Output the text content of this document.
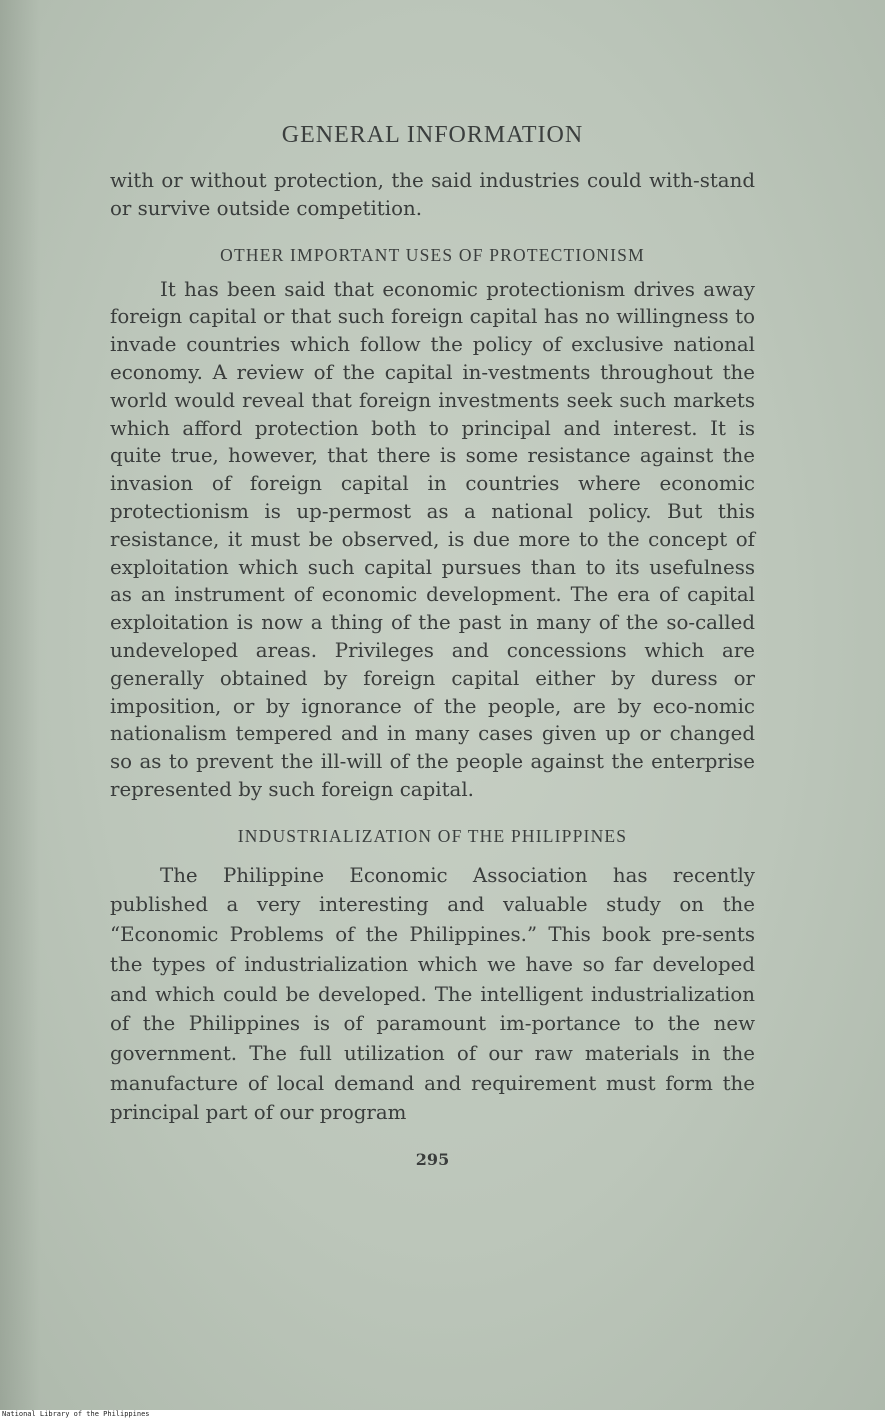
GENERAL INFORMATION

with or without protection, the said industries could with-stand or survive outside competition.

OTHER IMPORTANT USES OF PROTECTIONISM

It has been said that economic protectionism drives away foreign capital or that such foreign capital has no willingness to invade countries which follow the policy of exclusive national economy. A review of the capital in-vestments throughout the world would reveal that foreign investments seek such markets which afford protection both to principal and interest. It is quite true, however, that there is some resistance against the invasion of foreign capital in countries where economic protectionism is up-permost as a national policy. But this resistance, it must be observed, is due more to the concept of exploitation which such capital pursues than to its usefulness as an instrument of economic development. The era of capital exploitation is now a thing of the past in many of the so-called undeveloped areas. Privileges and concessions which are generally obtained by foreign capital either by duress or imposition, or by ignorance of the people, are by eco-nomic nationalism tempered and in many cases given up or changed so as to prevent the ill-will of the people against the enterprise represented by such foreign capital.

INDUSTRIALIZATION OF THE PHILIPPINES

The Philippine Economic Association has recently published a very interesting and valuable study on the “Economic Problems of the Philippines.” This book pre-sents the types of industrialization which we have so far developed and which could be developed. The intelligent industrialization of the Philippines is of paramount im-portance to the new government. The full utilization of our raw materials in the manufacture of local demand and requirement must form the principal part of our program

295
National Library of the Philippines
